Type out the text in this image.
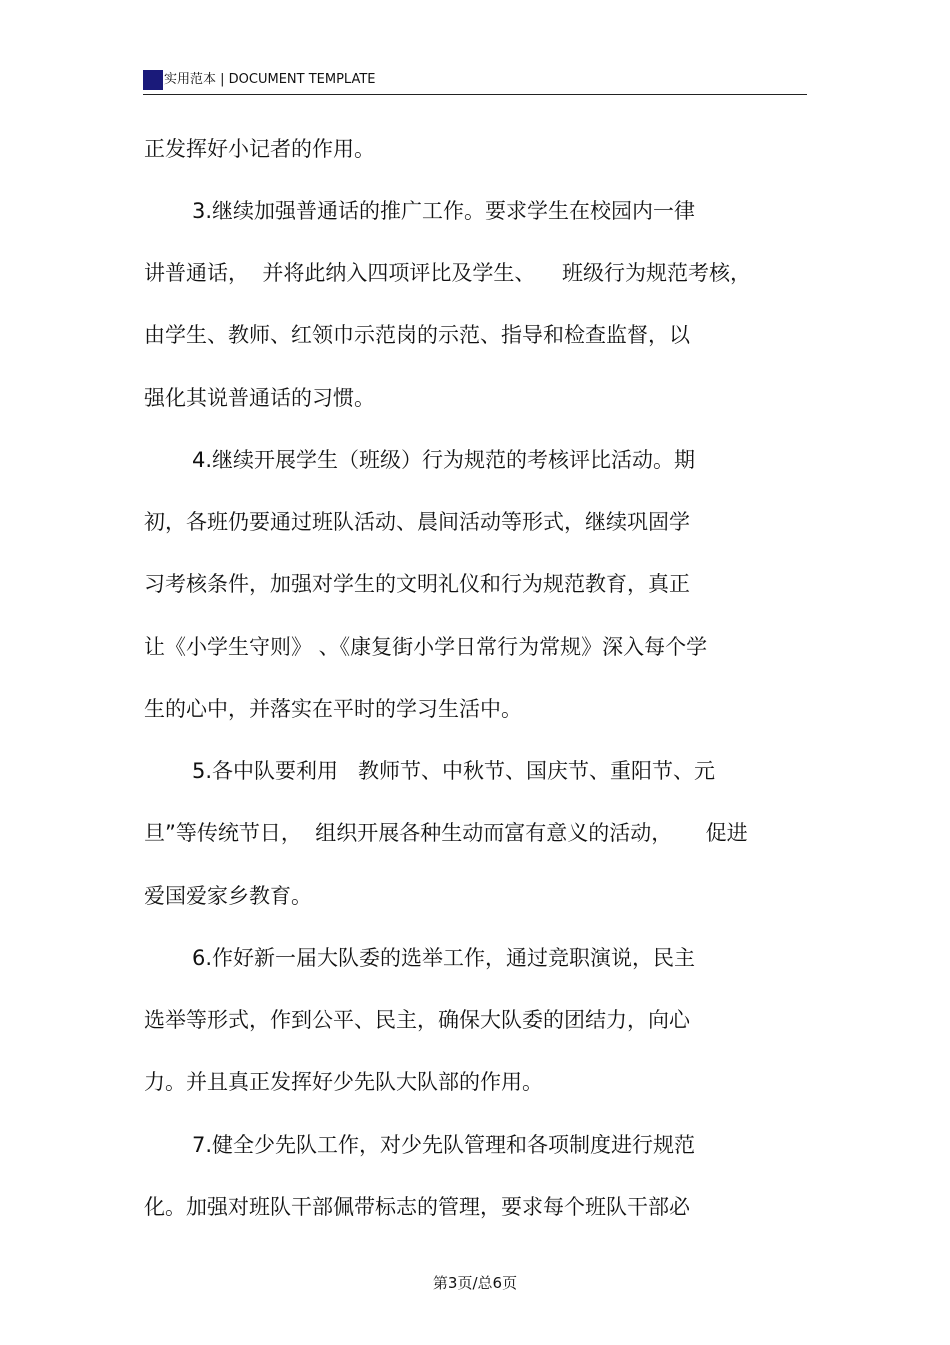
实用范本 | DOCUMENT TEMPLATE
正发挥好小记者的作用。
3.继续加强普通话的推广工作。要求学生在校园内一律
讲普通话，  并将此纳入四项评比及学生、    班级行为规范考核，
由学生、教师、红领巾示范岗的示范、指导和检查监督，以
强化其说普通话的习惯。
4.继续开展学生（班级）行为规范的考核评比活动。期
初，各班仍要通过班队活动、晨间活动等形式，继续巩固学
习考核条件，加强对学生的文明礼仪和行为规范教育，真正
让《小学生守则》 、《康复街小学日常行为常规》深入每个学
生的心中，并落实在平时的学习生活中。
5.各中队要利用   教师节、中秋节、国庆节、重阳节、元
旦”等传统节日，  组织开展各种生动而富有意义的活动，     促进
爱国爱家乡教育。
6.作好新一届大队委的选举工作，通过竞职演说，民主
选举等形式，作到公平、民主，确保大队委的团结力，向心
力。并且真正发挥好少先队大队部的作用。
7.健全少先队工作，对少先队管理和各项制度进行规范
化。加强对班队干部佩带标志的管理，要求每个班队干部必
第3页/总6页
